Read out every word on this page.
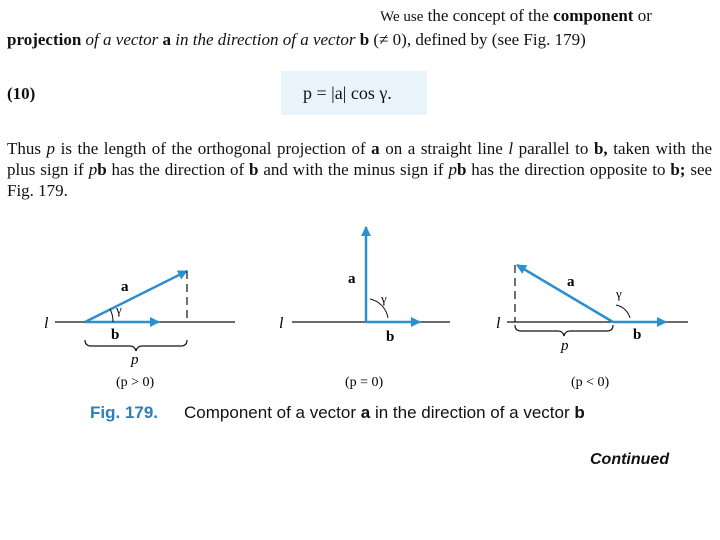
We use the concept of the component or
projection of a vector a in the direction of a vector b (≠ 0), defined by (see Fig. 179)
(10)	p = |a| cos γ.
Thus p is the length of the orthogonal projection of a on a straight line l parallel to b, taken with the plus sign if pb has the direction of b and with the minus sign if pb has the direction opposite to b; see Fig. 179.
l
a
γ
b
p
(p > 0)
l
a
γ
b
(p = 0)
l
a
γ
b
p
(p < 0)
Fig. 179. Component of a vector a in the direction of a vector b
Continued
